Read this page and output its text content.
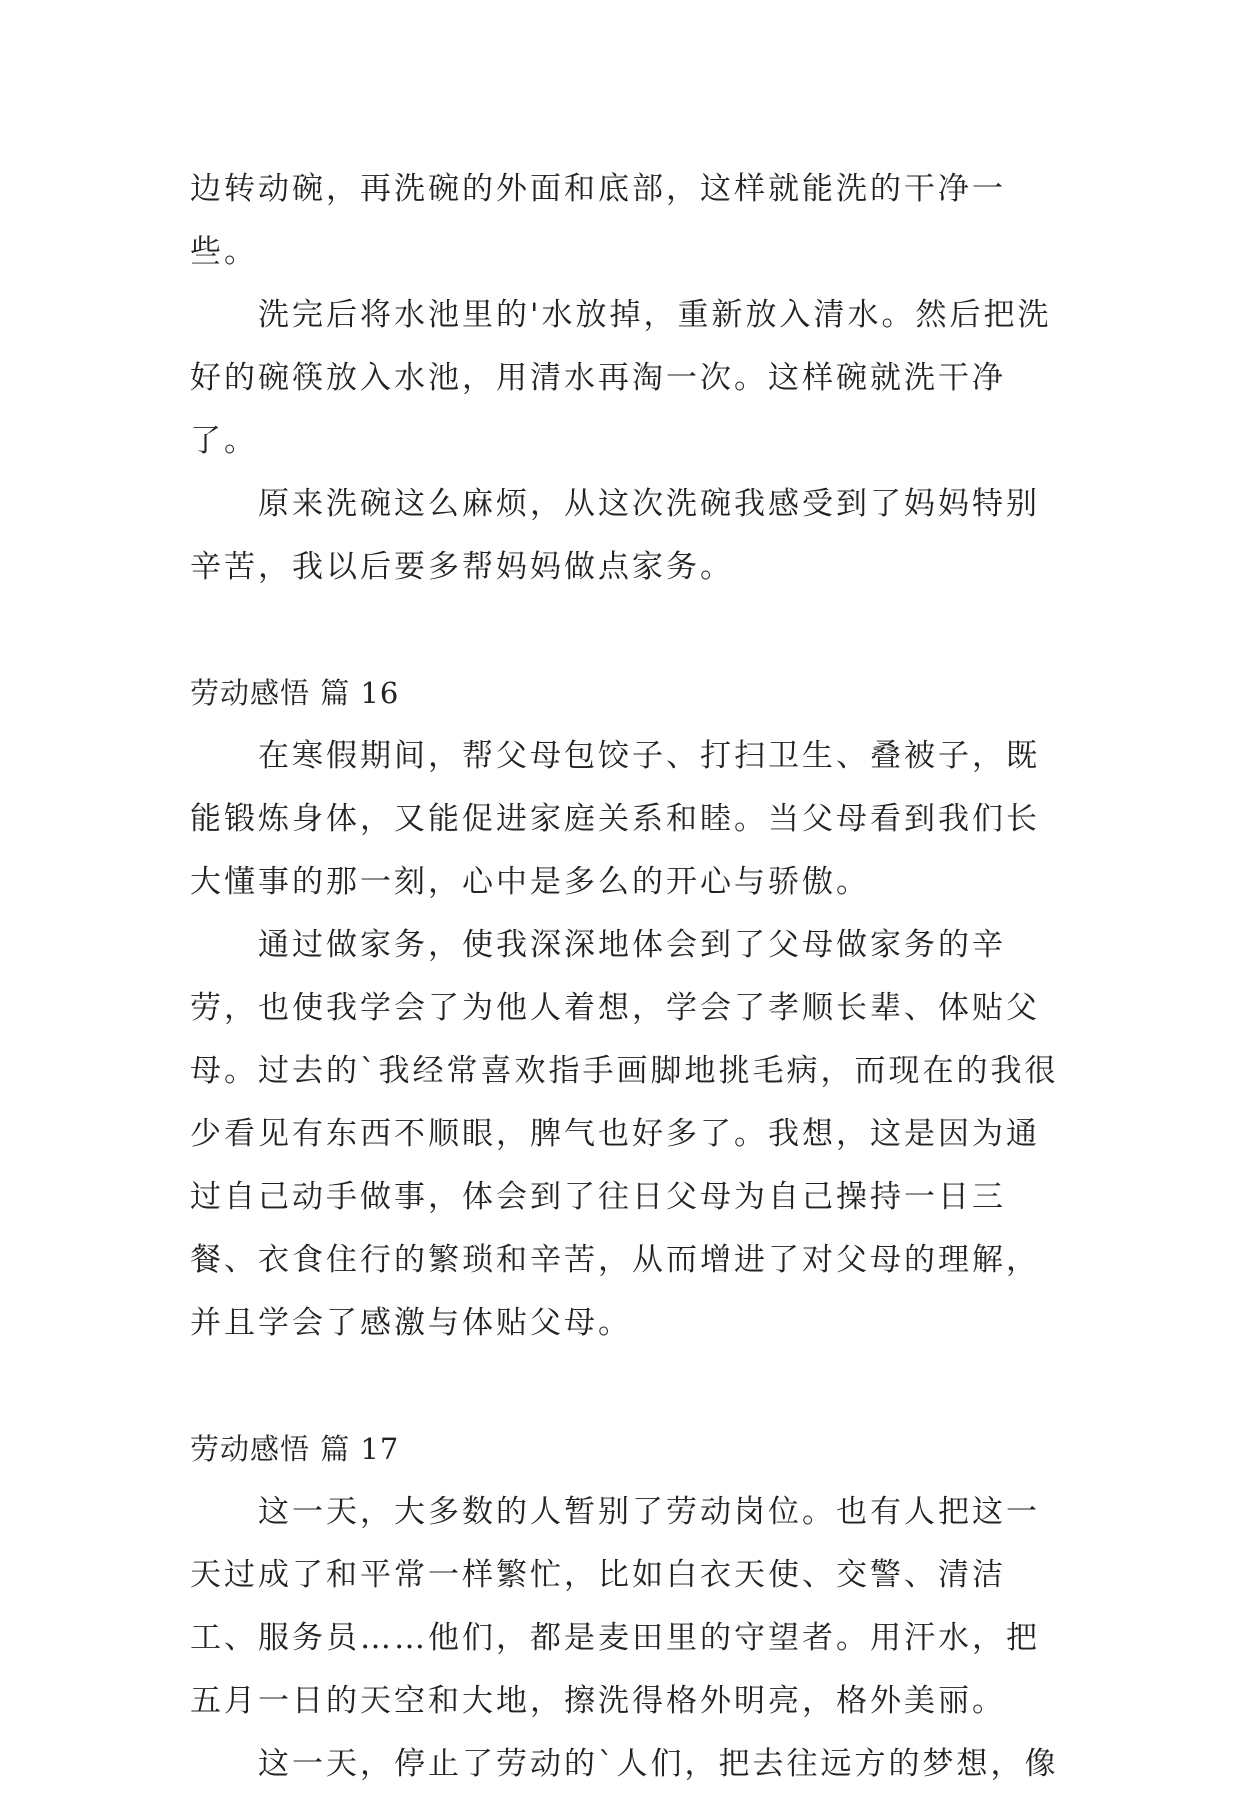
边转动碗，再洗碗的外面和底部，这样就能洗的干净一些。

洗完后将水池里的'水放掉，重新放入清水。然后把洗好的碗筷放入水池，用清水再淘一次。这样碗就洗干净了。

原来洗碗这么麻烦，从这次洗碗我感受到了妈妈特别辛苦，我以后要多帮妈妈做点家务。

劳动感悟 篇 16

在寒假期间，帮父母包饺子、打扫卫生、叠被子，既能锻炼身体，又能促进家庭关系和睦。当父母看到我们长大懂事的那一刻，心中是多么的开心与骄傲。

通过做家务，使我深深地体会到了父母做家务的辛劳，也使我学会了为他人着想，学会了孝顺长辈、体贴父母。过去的`我经常喜欢指手画脚地挑毛病，而现在的我很少看见有东西不顺眼，脾气也好多了。我想，这是因为通过自己动手做事，体会到了往日父母为自己操持一日三餐、衣食住行的繁琐和辛苦，从而增进了对父母的理解，并且学会了感激与体贴父母。

劳动感悟 篇 17

这一天，大多数的人暂别了劳动岗位。也有人把这一天过成了和平常一样繁忙，比如白衣天使、交警、清洁工、服务员……他们，都是麦田里的守望者。用汗水，把五月一日的天空和大地，擦洗得格外明亮，格外美丽。

这一天，停止了劳动的`人们，把去往远方的梦想，像
